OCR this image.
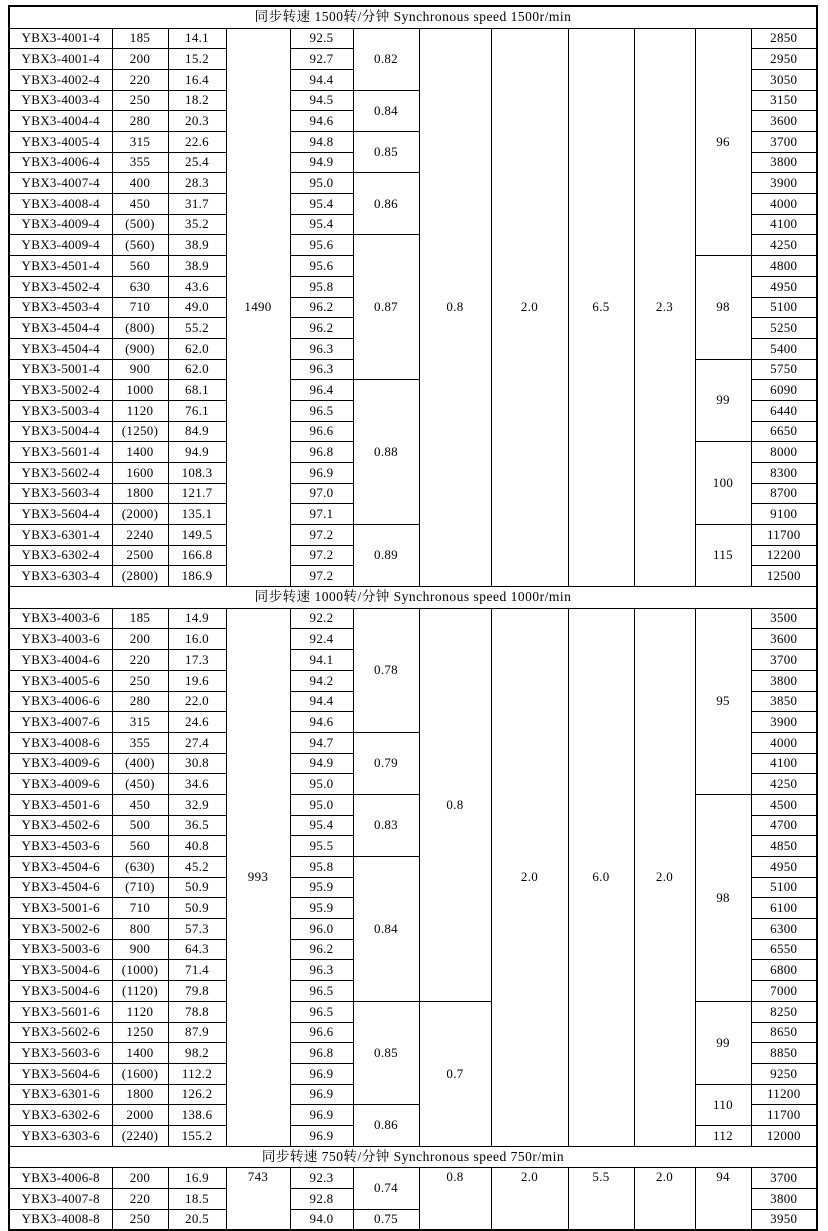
同步转速 1500转/分钟 Synchronous speed 1500r/min											
YBX3-4001-4	185	14.1	1490	92.5	0.82	0.8	2.0	6.5	2.3	96	2850
YBX3-4001-4	200	15.2		92.7							2950
YBX3-4002-4	220	16.4		94.4							3050
YBX3-4003-4	250	18.2		94.5	0.84						3150
YBX3-4004-4	280	20.3		94.6							3600
YBX3-4005-4	315	22.6		94.8	0.85						3700
YBX3-4006-4	355	25.4		94.9							3800
YBX3-4007-4	400	28.3		95.0	0.86						3900
YBX3-4008-4	450	31.7		95.4							4000
YBX3-4009-4	(500)	35.2		95.4							4100
YBX3-4009-4	(560)	38.9		95.6	0.87						4250
YBX3-4501-4	560	38.9		95.6						98	4800
YBX3-4502-4	630	43.6		95.8							4950
YBX3-4503-4	710	49.0		96.2							5100
YBX3-4504-4	(800)	55.2		96.2							5250
YBX3-4504-4	(900)	62.0		96.3							5400
YBX3-5001-4	900	62.0		96.3						99	5750
YBX3-5002-4	1000	68.1		96.4	0.88						6090
YBX3-5003-4	1120	76.1		96.5							6440
YBX3-5004-4	(1250)	84.9		96.6							6650
YBX3-5601-4	1400	94.9		96.8						100	8000
YBX3-5602-4	1600	108.3		96.9							8300
YBX3-5603-4	1800	121.7		97.0							8700
YBX3-5604-4	(2000)	135.1		97.1							9100
YBX3-6301-4	2240	149.5		97.2	0.89					115	11700
YBX3-6302-4	2500	166.8		97.2							12200
YBX3-6303-4	(2800)	186.9		97.2							12500
同步转速 1000转/分钟 Synchronous speed 1000r/min											
YBX3-4003-6	185	14.9	993	92.2	0.78	0.8	2.0	6.0	2.0	95	3500
YBX3-4003-6	200	16.0		92.4							3600
YBX3-4004-6	220	17.3		94.1							3700
YBX3-4005-6	250	19.6		94.2							3800
YBX3-4006-6	280	22.0		94.4							3850
YBX3-4007-6	315	24.6		94.6							3900
YBX3-4008-6	355	27.4		94.7	0.79						4000
YBX3-4009-6	(400)	30.8		94.9							4100
YBX3-4009-6	(450)	34.6		95.0							4250
YBX3-4501-6	450	32.9		95.0	0.83					98	4500
YBX3-4502-6	500	36.5		95.4							4700
YBX3-4503-6	560	40.8		95.5							4850
YBX3-4504-6	(630)	45.2		95.8	0.84						4950
YBX3-4504-6	(710)	50.9		95.9							5100
YBX3-5001-6	710	50.9		95.9							6100
YBX3-5002-6	800	57.3		96.0							6300
YBX3-5003-6	900	64.3		96.2							6550
YBX3-5004-6	(1000)	71.4		96.3							6800
YBX3-5004-6	(1120)	79.8		96.5							7000
YBX3-5601-6	1120	78.8		96.5	0.85	0.7				99	8250
YBX3-5602-6	1250	87.9		96.6							8650
YBX3-5603-6	1400	98.2		96.8							8850
YBX3-5604-6	(1600)	112.2		96.9							9250
YBX3-6301-6	1800	126.2		96.9						110	11200
YBX3-6302-6	2000	138.6		96.9	0.86						11700
YBX3-6303-6	(2240)	155.2		96.9						112	12000
同步转速 750转/分钟 Synchronous speed 750r/min											
YBX3-4006-8	200	16.9	743	92.3	0.74	0.8	2.0	5.5	2.0	94	3700
YBX3-4007-8	220	18.5		92.8							3800
YBX3-4008-8	250	20.5		94.0	0.75						3950
